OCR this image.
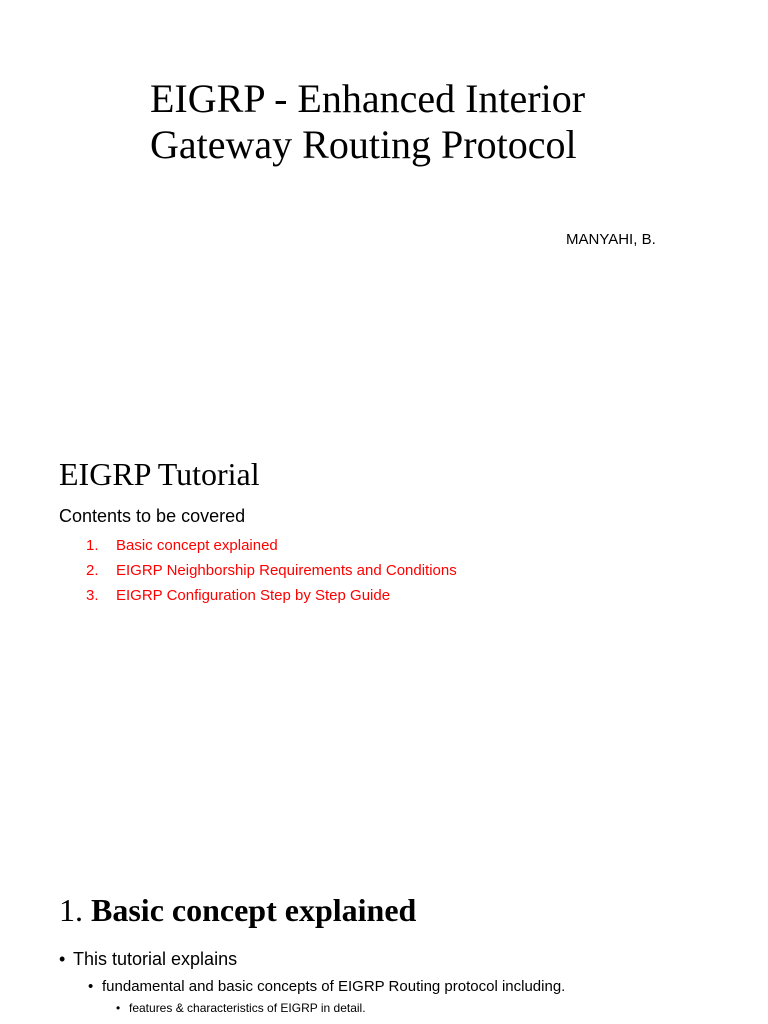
EIGRP - Enhanced Interior Gateway Routing Protocol
MANYAHI, B.
EIGRP Tutorial
Contents to be covered
1. Basic concept explained
2. EIGRP Neighborship Requirements and Conditions
3. EIGRP Configuration Step by Step Guide
1. Basic concept explained
• This tutorial explains
• fundamental and basic concepts of EIGRP Routing protocol including.
• features & characteristics of EIGRP in detail.
